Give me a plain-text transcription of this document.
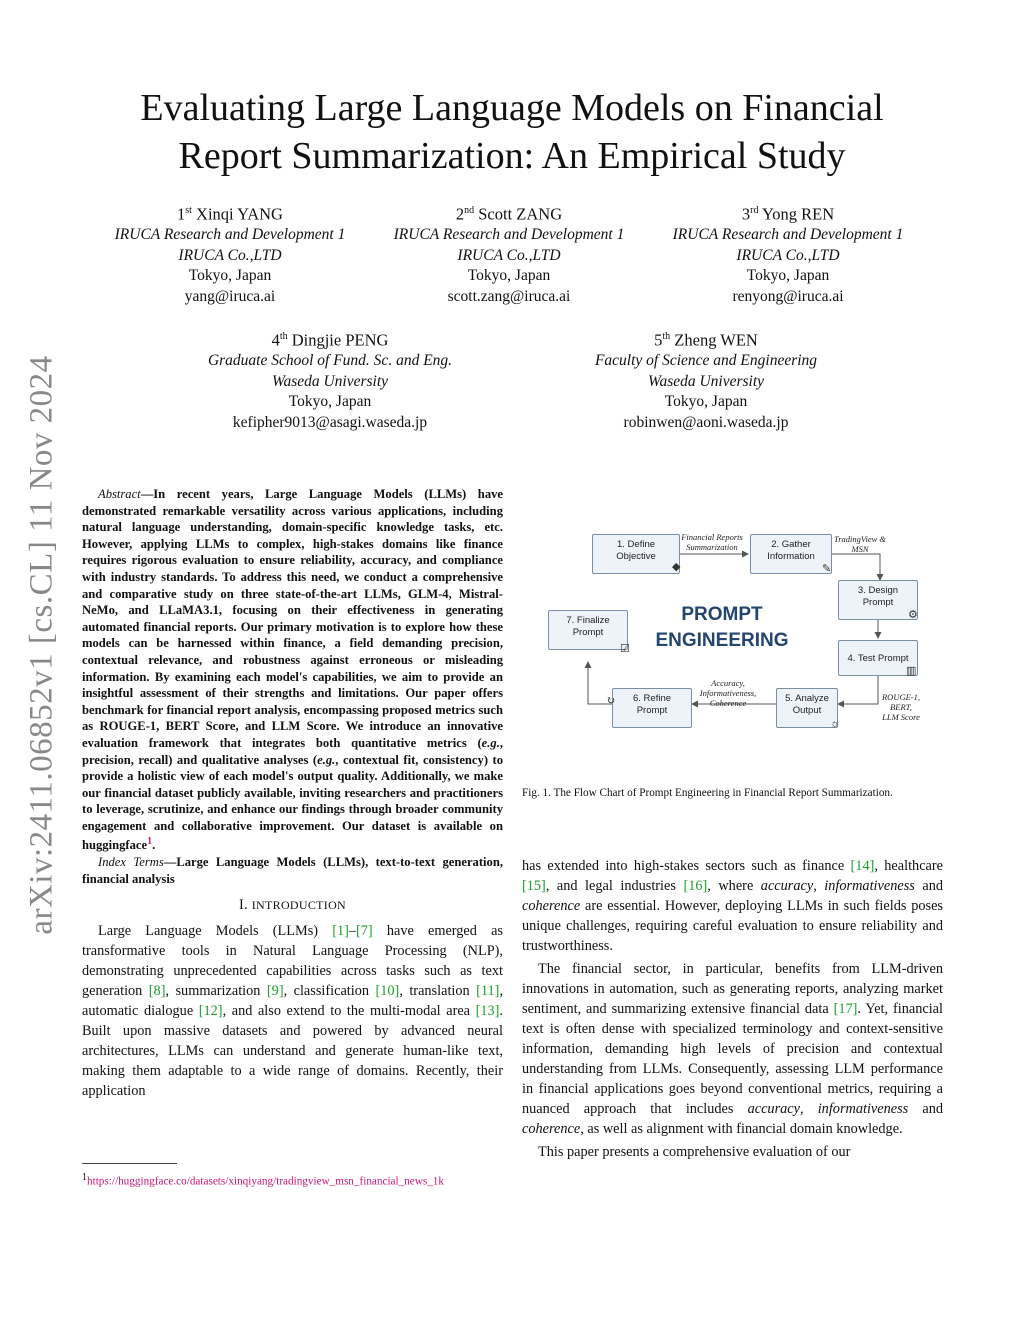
arXiv:2411.06852v1 [cs.CL] 11 Nov 2024
Evaluating Large Language Models on Financial
Report Summarization: An Empirical Study
1st Xinqi YANG
IRUCA Research and Development 1
IRUCA Co.,LTD
Tokyo, Japan
yang@iruca.ai
2nd Scott ZANG
IRUCA Research and Development 1
IRUCA Co.,LTD
Tokyo, Japan
scott.zang@iruca.ai
3rd Yong REN
IRUCA Research and Development 1
IRUCA Co.,LTD
Tokyo, Japan
renyong@iruca.ai
4th Dingjie PENG
Graduate School of Fund. Sc. and Eng.
Waseda University
Tokyo, Japan
kefipher9013@asagi.waseda.jp
5th Zheng WEN
Faculty of Science and Engineering
Waseda University
Tokyo, Japan
robinwen@aoni.waseda.jp
Abstract—In recent years, Large Language Models (LLMs) have demonstrated remarkable versatility across various applications, including natural language understanding, domain-specific knowledge tasks, etc. However, applying LLMs to complex, high-stakes domains like finance requires rigorous evaluation to ensure reliability, accuracy, and compliance with industry standards. To address this need, we conduct a comprehensive and comparative study on three state-of-the-art LLMs, GLM-4, Mistral-NeMo, and LLaMA3.1, focusing on their effectiveness in generating automated financial reports. Our primary motivation is to explore how these models can be harnessed within finance, a field demanding precision, contextual relevance, and robustness against erroneous or misleading information. By examining each model's capabilities, we aim to provide an insightful assessment of their strengths and limitations. Our paper offers benchmark for financial report analysis, encompassing proposed metrics such as ROUGE-1, BERT Score, and LLM Score. We introduce an innovative evaluation framework that integrates both quantitative metrics (e.g., precision, recall) and qualitative analyses (e.g., contextual fit, consistency) to provide a holistic view of each model's output quality. Additionally, we make our financial dataset publicly available, inviting researchers and practitioners to leverage, scrutinize, and enhance our findings through broader community engagement and collaborative improvement. Our dataset is available on huggingface$^1$.
Index Terms—Large Language Models (LLMs), text-to-text generation, financial analysis
I. INTRODUCTION

Large Language Models (LLMs) [1]–[7] have emerged as transformative tools in Natural Language Processing (NLP), demonstrating unprecedented capabilities across tasks such as text generation [8], summarization [9], classification [10], translation [11], automatic dialogue [12], and also extend to the multi-modal area [13]. Built upon massive datasets and powered by advanced neural architectures, LLMs can understand and generate human-like text, making them adaptable to a wide range of domains. Recently, their application

$^1$https://huggingface.co/datasets/xinqiyang/tradingview_msn_financial_news_1k
1. Define
Objective
2. Gather
Information
3. Design
Prompt
4. Test Prompt
5. Analyze
Output
6. Refine
Prompt
7. Finalize
Prompt
◆	✎
⚙
▥
☼
↻
☑
PROMPT
ENGINEERING
Financial Reports
Summarization
TradingView &
MSN
ROUGE-1,
BERT,
LLM Score
Accuracy,
Informativeness,
Coherence
Fig. 1. The Flow Chart of Prompt Engineering in Financial Report Summarization.

has extended into high-stakes sectors such as finance [14], healthcare [15], and legal industries [16], where accuracy, informativeness and coherence are essential. However, deploying LLMs in such fields poses unique challenges, requiring careful evaluation to ensure reliability and trustworthiness.

The financial sector, in particular, benefits from LLM-driven innovations in automation, such as generating reports, analyzing market sentiment, and summarizing extensive financial data [17]. Yet, financial text is often dense with specialized terminology and context-sensitive information, demanding high levels of precision and contextual understanding from LLMs. Consequently, assessing LLM performance in financial applications goes beyond conventional metrics, requiring a nuanced approach that includes accuracy, informativeness and coherence, as well as alignment with financial domain knowledge.

This paper presents a comprehensive evaluation of our
